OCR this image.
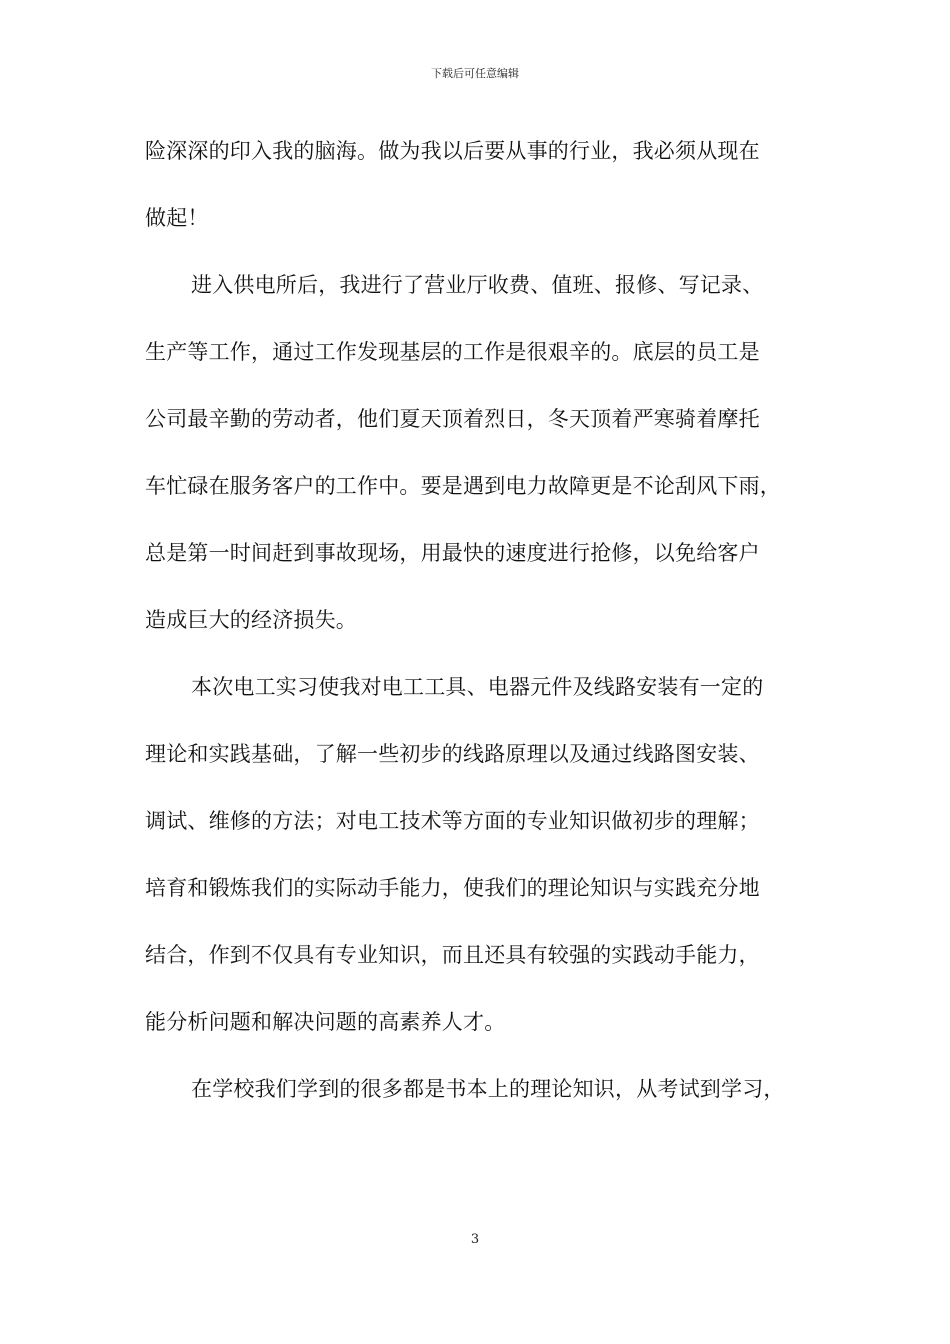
下载后可任意编辑
险深深的印入我的脑海。做为我以后要从事的行业，我必须从现在
做起！
进入供电所后，我进行了营业厅收费、值班、报修、写记录、
生产等工作，通过工作发现基层的工作是很艰辛的。底层的员工是
公司最辛勤的劳动者，他们夏天顶着烈日，冬天顶着严寒骑着摩托
车忙碌在服务客户的工作中。要是遇到电力故障更是不论刮风下雨，
总是第一时间赶到事故现场，用最快的速度进行抢修，以免给客户
造成巨大的经济损失。
本次电工实习使我对电工工具、电器元件及线路安装有一定的
理论和实践基础，了解一些初步的线路原理以及通过线路图安装、
调试、维修的方法；对电工技术等方面的专业知识做初步的理解；
培育和锻炼我们的实际动手能力，使我们的理论知识与实践充分地
结合，作到不仅具有专业知识，而且还具有较强的实践动手能力，
能分析问题和解决问题的高素养人才。
在学校我们学到的很多都是书本上的理论知识，从考试到学习，
3
